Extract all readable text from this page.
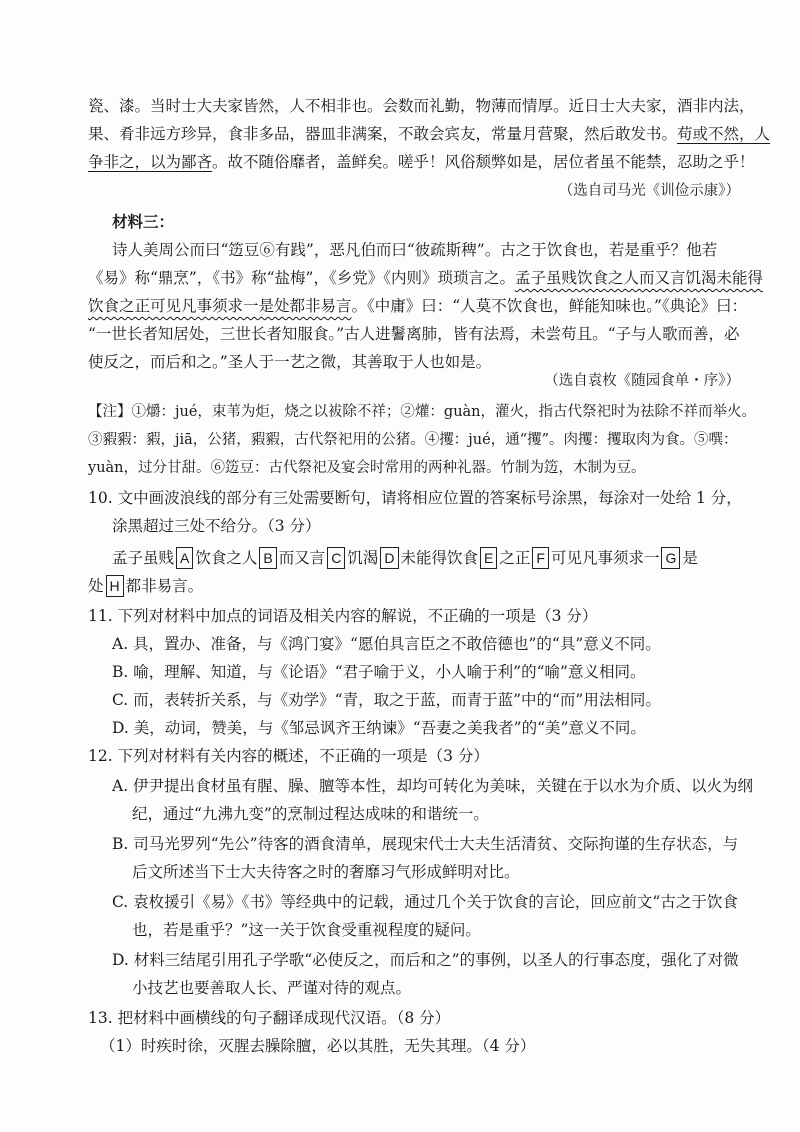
瓷、漆。当时士大夫家皆然，人不相非也。会数而礼勤，物薄而情厚。近日士大夫家，酒非内法，
果、肴非远方珍异，食非多品，器皿非满案，不敢会宾友，常量月营聚，然后敢发书。苟或不然，人
争非之，以为鄙吝。故不随俗靡者，盖鲜矣。嗟乎！风俗颓弊如是，居位者虽不能禁，忍助之乎！
（选自司马光《训俭示康》）
材料三：
诗人美周公而曰“笾豆⑥有践”，恶凡伯而曰“彼疏斯稗”。古之于饮食也，若是重乎？他若
《易》称“鼎烹”，《书》称“盐梅”，《乡党》《内则》琐琐言之。孟子虽贱饮食之人而又言饥渴未能得
饮食之正可见凡事须求一是处都非易言。《中庸》曰：“人莫不饮食也，鲜能知味也。”《典论》曰：
“一世长者知居处，三世长者知服食。”古人进鬐离肺，皆有法焉，未尝苟且。“子与人歌而善，必
使反之，而后和之。”圣人于一艺之微，其善取于人也如是。
（选自袁枚《随园食单・序》）
【注】①爝：jué，束苇为炬，烧之以袚除不祥；②爟：guàn，灌火，指古代祭祀时为祛除不祥而举火。
③豭豭：豭，jiā，公猪，豭豭，古代祭祀用的公猪。④攫：jué，通“攫”。肉攫：攫取肉为食。⑤噀：
yuàn，过分甘甜。⑥笾豆：古代祭祀及宴会时常用的两种礼器。竹制为笾，木制为豆。
10. 文中画波浪线的部分有三处需要断句，请将相应位置的答案标号涂黑，每涂对一处给 1 分，
涂黑超过三处不给分。（3 分）
孟子虽贱 A 饮食之人 B 而又言 C 饥渴 D 未能得饮食 E 之正 F 可见凡事须求一 G 是
处 H 都非易言。
11. 下列对材料中加点的词语及相关内容的解说，不正确的一项是（3 分）
A. 具，置办、准备，与《鸿门宴》“愿伯具言臣之不敢倍德也”的“具”意义不同。
B. 喻，理解、知道，与《论语》“君子喻于义，小人喻于利”的“喻”意义相同。
C. 而，表转折关系，与《劝学》“青，取之于蓝，而青于蓝”中的“而”用法相同。
D. 美，动词，赞美，与《邹忌讽齐王纳谏》“吾妻之美我者”的“美”意义不同。
12. 下列对材料有关内容的概述，不正确的一项是（3 分）
A. 伊尹提出食材虽有腥、臊、膻等本性，却均可转化为美味，关键在于以水为介质、以火为纲
纪，通过“九沸九变”的烹制过程达成味的和谐统一。
B. 司马光罗列“先公”待客的酒食清单，展现宋代士大夫生活清贫、交际拘谨的生存状态，与
后文所述当下士大夫待客之时的奢靡习气形成鲜明对比。
C. 袁枚援引《易》《书》等经典中的记载，通过几个关于饮食的言论，回应前文“古之于饮食
也，若是重乎？”这一关于饮食受重视程度的疑问。
D. 材料三结尾引用孔子学歌“必使反之，而后和之”的事例，以圣人的行事态度，强化了对微
小技艺也要善取人长、严谨对待的观点。
13. 把材料中画横线的句子翻译成现代汉语。（8 分）
（1）时疾时徐，灭腥去臊除膻，必以其胜，无失其理。（4 分）
